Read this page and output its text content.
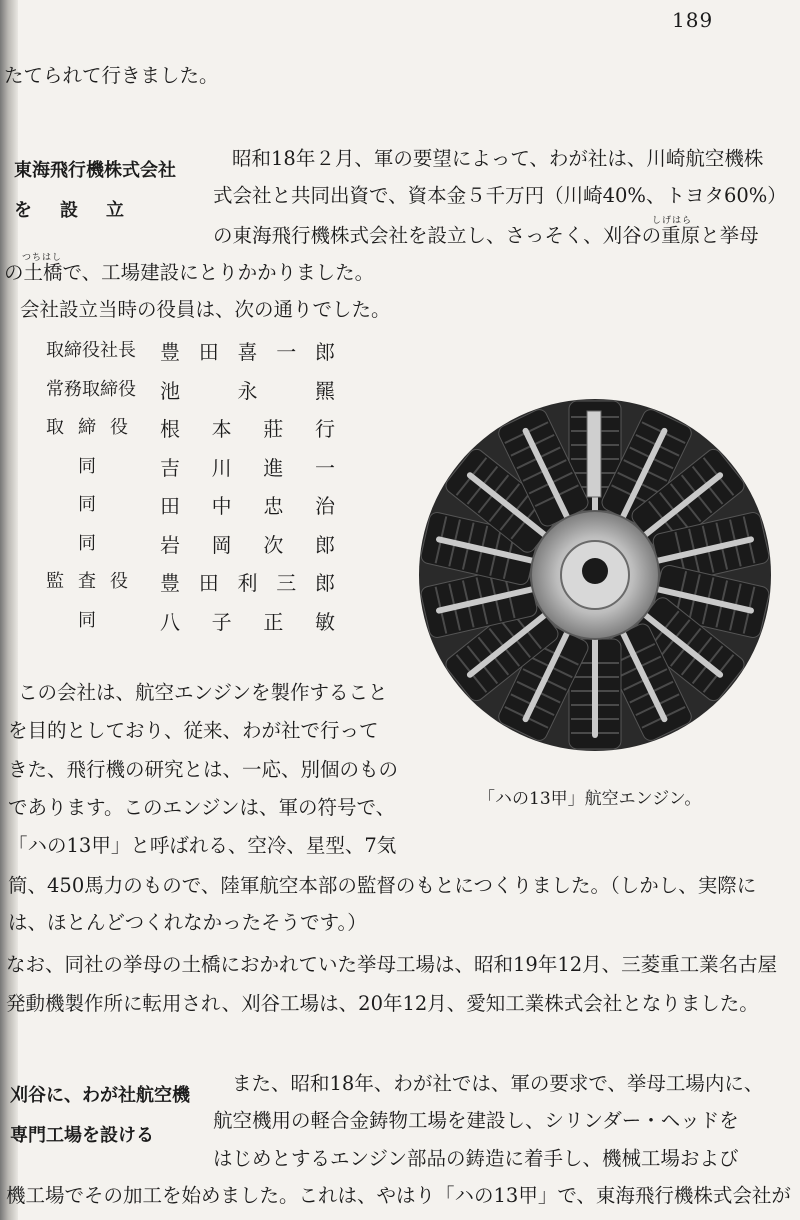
189
たてられて行きました。
東海飛行機株式会社
を設立
昭和18年２月、軍の要望によって、わが社は、川崎航空機株
式会社と共同出資で、資本金５千万円（川崎40%、トヨタ60%）
しげはら
の東海飛行機株式会社を設立し、さっそく、刈谷の重原と挙母
つちはし
の土橋で、工場建設にとりかかりました。
会社設立当時の役員は、次の通りでした。
取締役社長 豊田喜一郎
常務取締役 池永羆
取締役 根本莊行
同	吉川進一
同	田中忠治
同	岩岡次郎
監査役 豊田利三郎
同	八子正敏
「ハの13甲」航空エンジン。
この会社は、航空エンジンを製作すること
を目的としており、従来、わが社で行って
きた、飛行機の研究とは、一応、別個のもの
であります。このエンジンは、軍の符号で、
「ハの13甲」と呼ばれる、空冷、星型、7気
筒、450馬力のもので、陸軍航空本部の監督のもとにつくりました。（しかし、実際に
は、ほとんどつくれなかったそうです。）
なお、同社の挙母の土橋におかれていた挙母工場は、昭和19年12月、三菱重工業名古屋
発動機製作所に転用され、刈谷工場は、20年12月、愛知工業株式会社となりました。
刈谷に、わが社航空機
専門工場を設ける
また、昭和18年、わが社では、軍の要求で、挙母工場内に、
航空機用の軽合金鋳物工場を建設し、シリンダー・ヘッドを
はじめとするエンジン部品の鋳造に着手し、機械工場および
機工場でその加工を始めました。これは、やはり「ハの13甲」で、東海飛行機株式会社が
